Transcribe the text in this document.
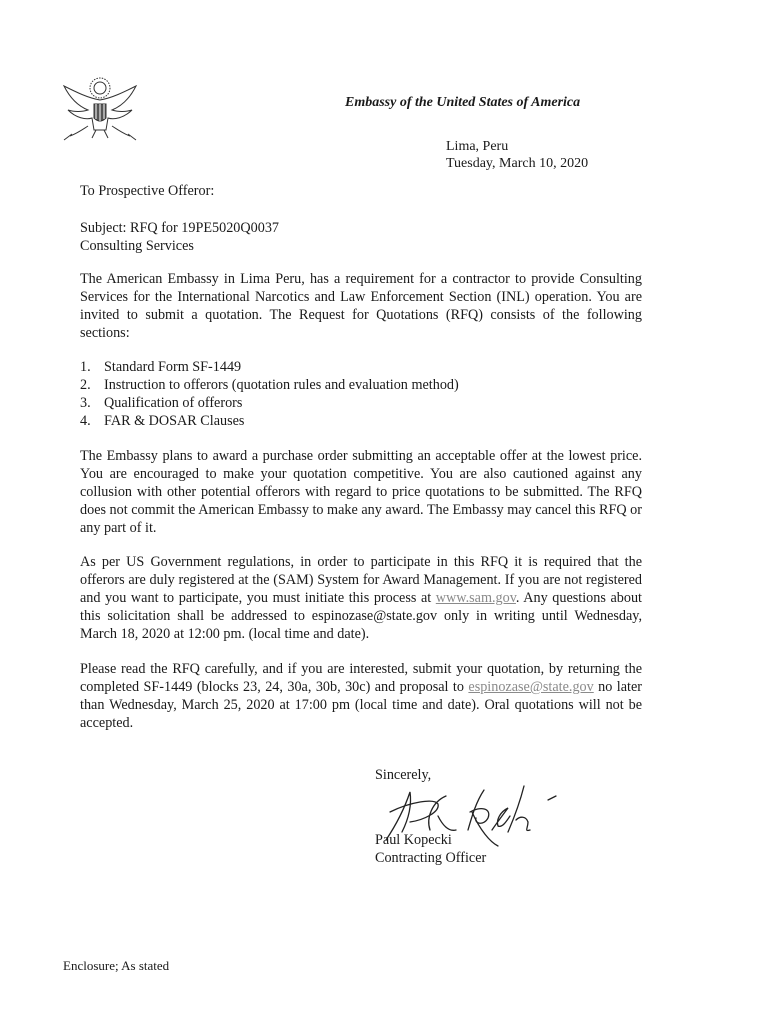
Embassy of the United States of America
Lima, Peru
Tuesday, March 10, 2020
To Prospective Offeror:
Subject: RFQ for 19PE5020Q0037
Consulting Services
The American Embassy in Lima Peru, has a requirement for a contractor to provide Consulting Services for the International Narcotics and Law Enforcement Section (INL) operation. You are invited to submit a quotation. The Request for Quotations (RFQ) consists of the following sections:
1. Standard Form SF-1449
2. Instruction to offerors (quotation rules and evaluation method)
3. Qualification of offerors
4. FAR & DOSAR Clauses
The Embassy plans to award a purchase order submitting an acceptable offer at the lowest price. You are encouraged to make your quotation competitive. You are also cautioned against any collusion with other potential offerors with regard to price quotations to be submitted. The RFQ does not commit the American Embassy to make any award. The Embassy may cancel this RFQ or any part of it.
As per US Government regulations, in order to participate in this RFQ it is required that the offerors are duly registered at the (SAM) System for Award Management. If you are not registered and you want to participate, you must initiate this process at www.sam.gov. Any questions about this solicitation shall be addressed to espinozase@state.gov only in writing until Wednesday, March 18, 2020 at 12:00 pm. (local time and date).
Please read the RFQ carefully, and if you are interested, submit your quotation, by returning the completed SF-1449 (blocks 23, 24, 30a, 30b, 30c) and proposal to espinozase@state.gov no later than Wednesday, March 25, 2020 at 17:00 pm (local time and date). Oral quotations will not be accepted.
Sincerely,
Paul Kopecki
Contracting Officer
Enclosure; As stated
